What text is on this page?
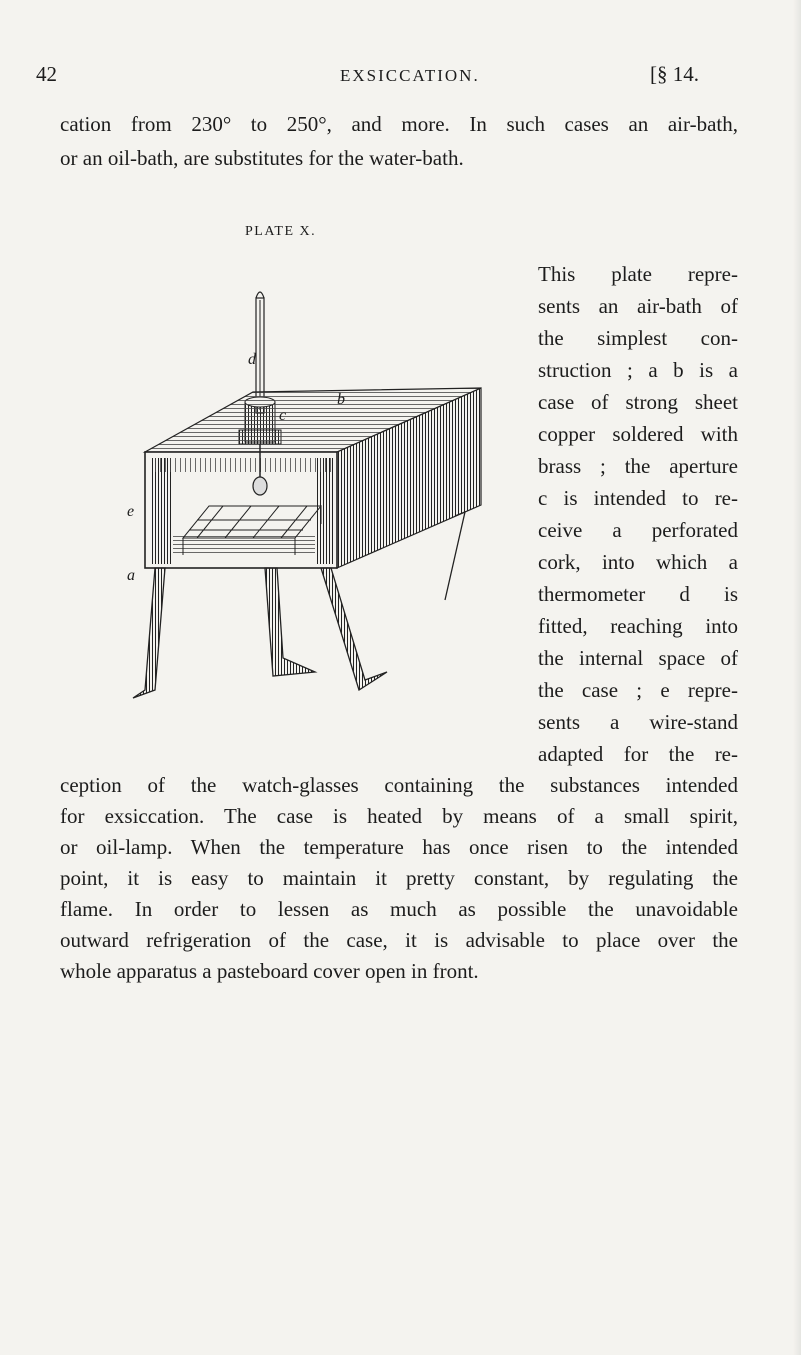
42	EXSICCATION.	[§ 14.
cation from 230° to 250°, and more. In such cases an air-bath,
or an oil-bath, are substitutes for the water-bath.
PLATE X.
d
c
b
e
a
This plate repre-
sents an air-bath of
the simplest con-
struction ; a b is a
case of strong sheet
copper soldered with
brass ; the aperture
c is intended to re-
ceive a perforated
cork, into which a
thermometer d is
fitted, reaching into
the internal space of
the case ; e repre-
sents a wire-stand
adapted for the re-
ception of the watch-glasses containing the substances intended
for exsiccation. The case is heated by means of a small spirit,
or oil-lamp. When the temperature has once risen to the intended
point, it is easy to maintain it pretty constant, by regulating the
flame. In order to lessen as much as possible the unavoidable
outward refrigeration of the case, it is advisable to place over the
whole apparatus a pasteboard cover open in front.
